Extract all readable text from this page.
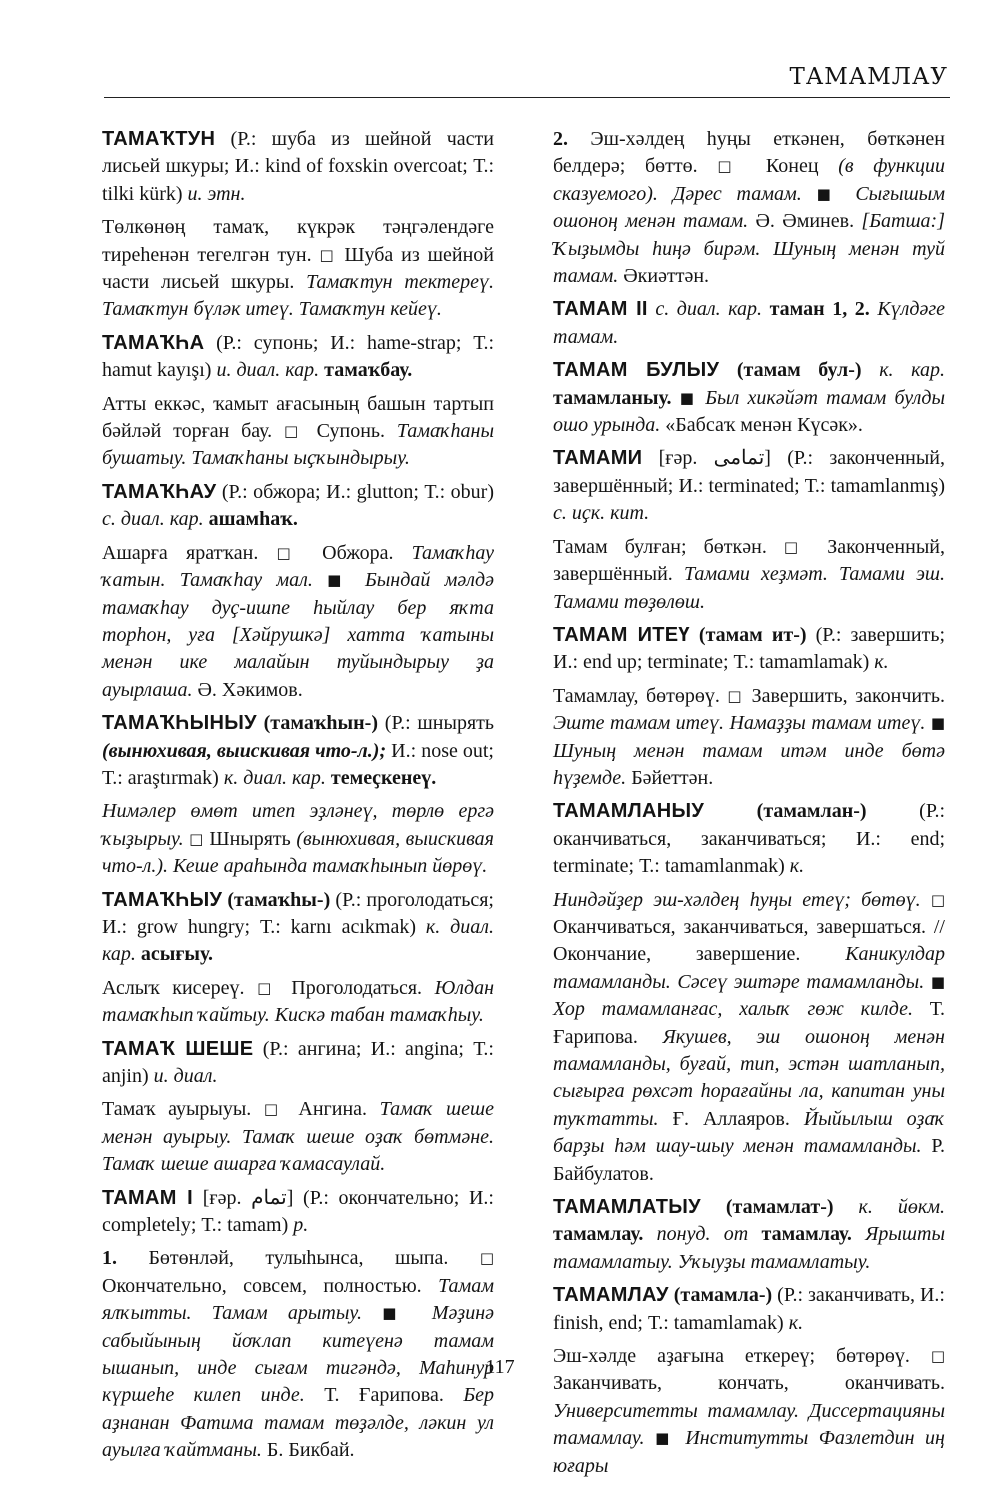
ТАМАМЛАУ

ТАМАҠТУН (Р.: шуба из шейной части лисьей шкуры; И.: kind of foxskin overcoat; Т.: tilki kürk) и. этн.

Төлкөнөң тамаҡ, күкрәк тәңгәлендәге тиреһенән тегелгән тун. □ Шуба из шейной части лисьей шкуры. Тамаҡтун тектереү. Тамаҡтун бүләк итеү. Тамаҡтун кейеү.

ТАМАҠҺА (Р.: супонь; И.: hame-strap; Т.: hamut kayışı) и. диал. кар. тамаҡбау.

Атты еккәс, ҡамыт ағасының башын тартып бәйләй торған бау. □ Супонь. Тамаҡһаны бушатыу. Тамаҡһаны ыҫҡындырыу.

ТАМАҠҺАУ (Р.: обжора; И.: glutton; Т.: obur) с. диал. кар. ашамһаҡ.

Ашарға яратҡан. □ Обжора. Тамаҡһау ҡатын. Тамаҡһау мал. ■ Бындай мәлдә тамаҡһау дуҫ-ишпе һыйлау бер яҡта торһон, уға [Хәйрушкә] хатта ҡатыны менән ике малайын туйындырыу ҙа ауырлаша. Ә. Хәкимов.

ТАМАҠҺЫНЫУ (тамаҡһын-) (Р.: шнырять (вынюхивая, выискивая что-л.); И.: nose out; Т.: araştırmak) к. диал. кар. темеҫкенеү.

Нимәлер өмөт итеп эҙләнеү, төрлө ергә ҡыҙырыу. □ Шнырять (вынюхивая, выискивая что-л.). Кеше араһында тамаҡһынып йөрөү.

ТАМАҠҺЫУ (тамаҡһы-) (Р.: проголодаться; И.: grow hungry; Т.: karnı acıkmak) к. диал. кар. асығыу.

Аслыҡ кисереү. □ Проголодаться. Юлдан тамаҡһып ҡайтыу. Кискә табан тамаҡһыу.

ТАМАҠ ШЕШЕ (Р.: ангина; И.: angina; Т.: anjin) и. диал.

Тамаҡ ауырыуы. □ Ангина. Тамаҡ шеше менән ауырыу. Тамаҡ шеше оҙаҡ бөтмәне. Тамаҡ шеше ашарға ҡамасаулай.

ТАМАМ I [ғәр. تمام] (Р.: окончательно; И.: completely; Т.: tamam) р.

1. Бөтөнләй, тулыһынса, шыпа. □ Окончательно, совсем, полностью. Тамам ялҡытты. Тамам арытыу. ■ Мәҙинә сабыйының йоҡлап китеүенә тамам ышанып, инде сығам тигәндә, Маһинур күршеһе килеп инде. Т. Ғарипова. Бер аҙнанан Фатима тамам төҙәлде, ләкин ул ауылға ҡайтманы. Б. Бикбай.

2. Эш-хәлдең һуңы еткәнен, бөткәнен белдерә; бөттө. □ Конец (в функции сказуемого). Дәрес тамам. ■ Сығышым ошоноң менән тамам. Ә. Әминев. [Батша:] Ҡыҙымды һиңә бирәм. Шуның менән туй тамам. Әкиәттән.

ТАМАМ II с. диал. кар. таман 1, 2. Күлдәге тамам.

ТАМАМ БУЛЫУ (тамам бул-) к. кар. тамамланыу. ■ Был хикәйәт тамам булды ошо урында. «Бабсаҡ менән Күсәк».

ТАМАМИ [ғәр. تمامى] (Р.: законченный, завершённый; И.: terminated; Т.: tamamlanmış) с. иҫк. кит.

Тамам булған; бөткән. □ Законченный, завершённый. Тамами хеҙмәт. Тамами эш. Тамами төҙөлөш.

ТАМАМ ИТЕҮ (тамам ит-) (Р.: завершить; И.: end up; terminate; Т.: tamamlamak) к.

Тамамлау, бөтөрөү. □ Завершить, закончить. Эште тамам итеү. Намаҙҙы тамам итеү. ■ Шуның менән тамам итәм инде бөтә һүҙемде. Бәйеттән.

ТАМАМЛАНЫУ (тамамлан-) (Р.: оканчиваться, заканчиваться; И.: end; terminate; Т.: tamamlanmak) к.

Ниндәйҙер эш-хәлдең һуңы етеү; бөтөү. □ Оканчиваться, заканчиваться, завершаться. // Окончание, завершение. Каникулдар тамамланды. Сәсеү эштәре тамамланды. ■ Хор тамамланғас, халыҡ гөж килде. Т. Ғарипова. Якушев, эш ошоноң менән тамамланды, буғай, тип, эстән шатланып, сығырға рөхсәт һорағайны ла, капитан уны туҡтатты. Ғ. Аллаяров. Йыйылыш оҙаҡ барҙы һәм шау-шыу менән тамамланды. Р. Байбулатов.

ТАМАМЛАТЫУ (тамамлат-) к. йөкм. тамамлау. понуд. от тамамлау. Ярышты тамамлатыу. Уҡыуҙы тамамлатыу.

ТАМАМЛАУ (тамамла-) (Р.: заканчивать, И.: finish, end; Т.: tamamlamak) к.

Эш-хәлде аҙағына еткереү; бөтөрөү. □ Заканчивать, кончать, оканчивать. Университетты тамамлау. Диссертацияны тамамлау. ■ Институтты Фазлетдин иң юғары

117
